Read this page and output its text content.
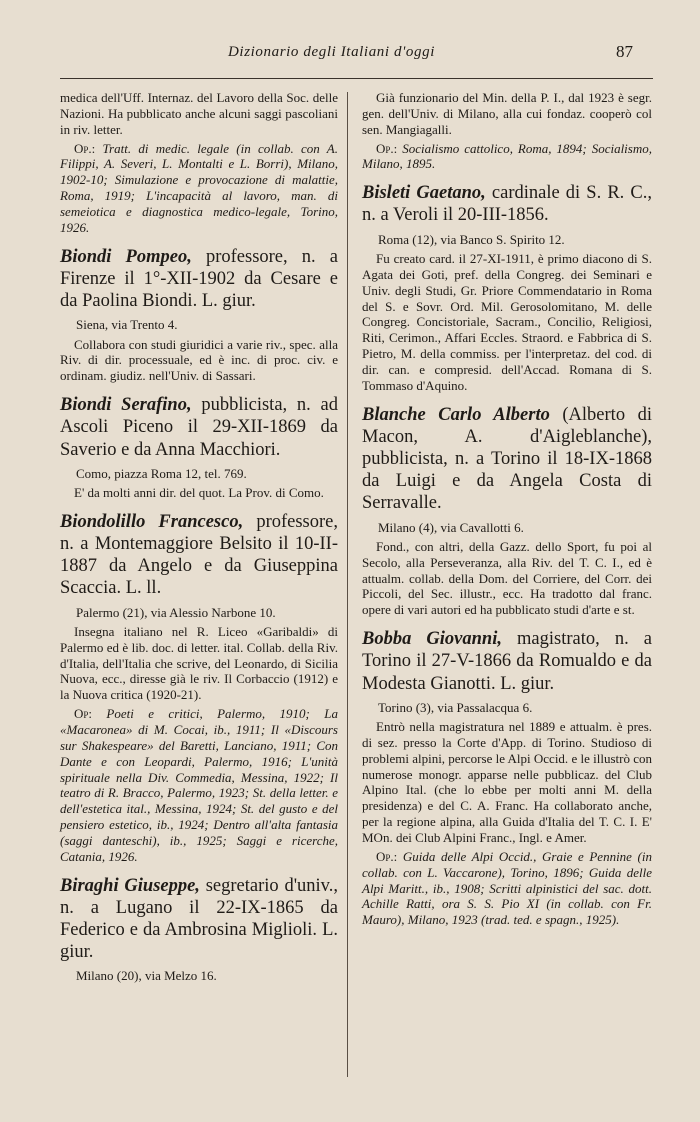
Dizionario degli Italiani d'oggi	87

medica dell'Uff. Internaz. del Lavoro della Soc. delle Nazioni. Ha pubblicato anche alcuni saggi pascoliani in riv. letter.

Op.: Tratt. di medic. legale (in collab. con A. Filippi, A. Severi, L. Montalti e L. Borri), Milano, 1902-10; Simulazione e provocazione di malattie, Roma, 1919; L'incapacità al lavoro, man. di semeiotica e diagnostica medico-legale, Torino, 1926.

Biondi Pompeo, professore, n. a Firenze il 1°-XII-1902 da Cesare e da Paolina Biondi. L. giur.

Siena, via Trento 4.

Collabora con studi giuridici a varie riv., spec. alla Riv. di dir. processuale, ed è inc. di proc. civ. e ordinam. giudiz. nell'Univ. di Sassari.

Biondi Serafino, pubblicista, n. ad Ascoli Piceno il 29-XII-1869 da Saverio e da Anna Macchiori.

Como, piazza Roma 12, tel. 769.

E' da molti anni dir. del quot. La Prov. di Como.

Biondolillo Francesco, professore, n. a Montemaggiore Belsito il 10-II-1887 da Angelo e da Giuseppina Scaccia. L. ll.

Palermo (21), via Alessio Narbone 10.

Insegna italiano nel R. Liceo «Garibaldi» di Palermo ed è lib. doc. di letter. ital. Collab. della Riv. d'Italia, dell'Italia che scrive, del Leonardo, di Sicilia Nuova, ecc., diresse già le riv. Il Corbaccio (1912) e la Nuova critica (1920-21).

Op: Poeti e critici, Palermo, 1910; La «Macaronea» di M. Cocai, ib., 1911; Il «Discours sur Shakespeare» del Baretti, Lanciano, 1911; Con Dante e con Leopardi, Palermo, 1916; L'unità spirituale nella Div. Commedia, Messina, 1922; Il teatro di R. Bracco, Palermo, 1923; St. della letter. e dell'estetica ital., Messina, 1924; St. del gusto e del pensiero estetico, ib., 1924; Dentro all'alta fantasia (saggi danteschi), ib., 1925; Saggi e ricerche, Catania, 1926.

Biraghi Giuseppe, segretario d'univ., n. a Lugano il 22-IX-1865 da Federico e da Ambrosina Miglioli. L. giur.

Milano (20), via Melzo 16.

Già funzionario del Min. della P. I., dal 1923 è segr. gen. dell'Univ. di Milano, alla cui fondaz. cooperò col sen. Mangiagalli.

Op.: Socialismo cattolico, Roma, 1894; Socialismo, Milano, 1895.

Bisleti Gaetano, cardinale di S. R. C., n. a Veroli il 20-III-1856.

Roma (12), via Banco S. Spirito 12.

Fu creato card. il 27-XI-1911, è primo diacono di S. Agata dei Goti, pref. della Congreg. dei Seminari e Univ. degli Studi, Gr. Priore Commendatario in Roma del S. e Sovr. Ord. Mil. Gerosolomitano, M. delle Congreg. Concistoriale, Sacram., Concilio, Religiosi, Riti, Cerimon., Affari Eccles. Straord. e Fabbrica di S. Pietro, M. della commiss. per l'interpretaz. del cod. di dir. can. e compresid. dell'Accad. Romana di S. Tommaso d'Aquino.

Blanche Carlo Alberto (Alberto di Macon, A. d'Aigleblanche), pubblicista, n. a Torino il 18-IX-1868 da Luigi e da Angela Costa di Serravalle.

Milano (4), via Cavallotti 6.

Fond., con altri, della Gazz. dello Sport, fu poi al Secolo, alla Perseveranza, alla Riv. del T. C. I., ed è attualm. collab. della Dom. del Corriere, del Corr. dei Piccoli, del Sec. illustr., ecc. Ha tradotto dal franc. opere di vari autori ed ha pubblicato studi d'arte e st.

Bobba Giovanni, magistrato, n. a Torino il 27-V-1866 da Romualdo e da Modesta Gianotti. L. giur.

Torino (3), via Passalacqua 6.

Entrò nella magistratura nel 1889 e attualm. è pres. di sez. presso la Corte d'App. di Torino. Studioso di problemi alpini, percorse le Alpi Occid. e le illustrò con numerose monogr. apparse nelle pubblicaz. del Club Alpino Ital. (che lo ebbe per molti anni M. della presidenza) e del C. A. Franc. Ha collaborato anche, per la regione alpina, alla Guida d'Italia del T. C. I. E' MOn. dei Club Alpini Franc., Ingl. e Amer.

Op.: Guida delle Alpi Occid., Graie e Pennine (in collab. con L. Vaccarone), Torino, 1896; Guida delle Alpi Maritt., ib., 1908; Scritti alpinistici del sac. dott. Achille Ratti, ora S. S. Pio XI (in collab. con Fr. Mauro), Milano, 1923 (trad. ted. e spagn., 1925).
